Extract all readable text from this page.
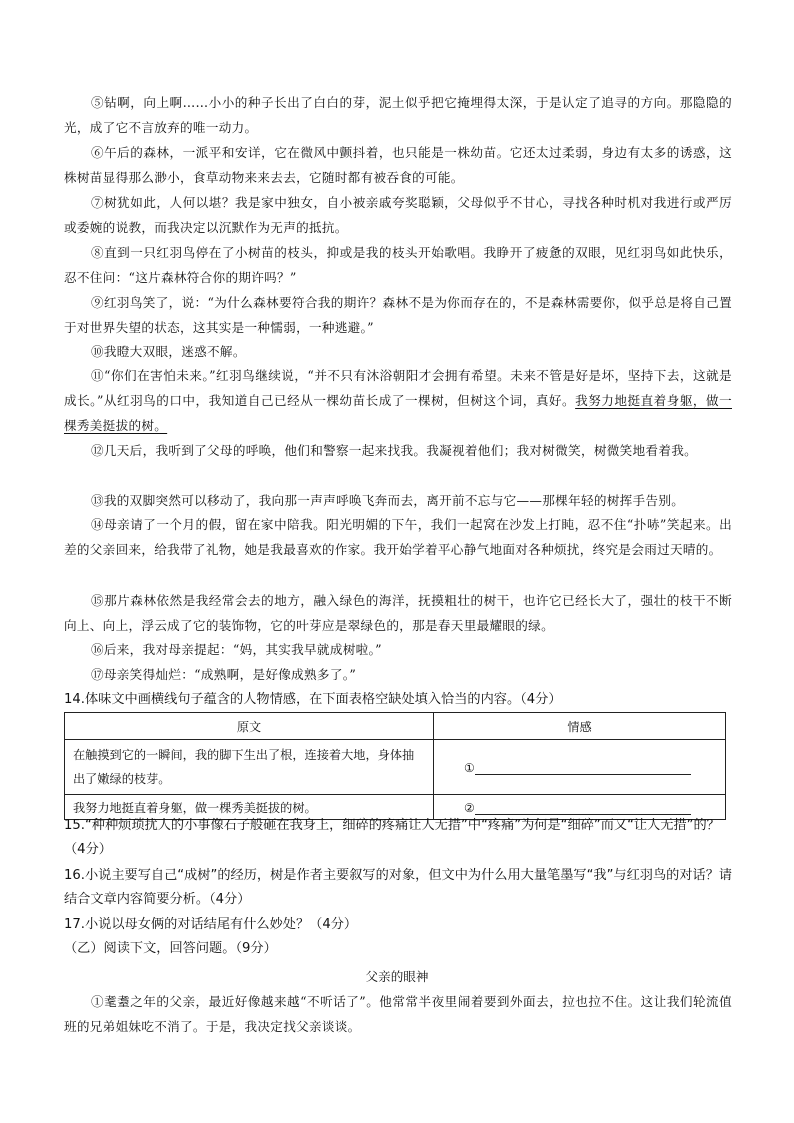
⑤钻啊，向上啊……小小的种子长出了白白的芽，泥土似乎把它掩埋得太深，于是认定了追寻的方向。那隐隐的光，成了它不言放弃的唯一动力。

⑥午后的森林，一派平和安详，它在微风中颤抖着，也只能是一株幼苗。它还太过柔弱，身边有太多的诱惑，这株树苗显得那么渺小，食草动物来来去去，它随时都有被吞食的可能。

⑦树犹如此，人何以堪？我是家中独女，自小被亲戚夸奖聪颖，父母似乎不甘心，寻找各种时机对我进行或严厉或委婉的说教，而我决定以沉默作为无声的抵抗。

⑧直到一只红羽鸟停在了小树苗的枝头，抑或是我的枝头开始歌唱。我睁开了疲惫的双眼，见红羽鸟如此快乐，忍不住问：“这片森林符合你的期许吗？”

⑨红羽鸟笑了，说：“为什么森林要符合我的期许？森林不是为你而存在的，不是森林需要你，似乎总是将自己置于对世界失望的状态，这其实是一种懦弱，一种逃避。”

⑩我瞪大双眼，迷惑不解。

⑪“你们在害怕未来。”红羽鸟继续说，“并不只有沐浴朝阳才会拥有希望。未来不管是好是坏，坚持下去，这就是成长。”从红羽鸟的口中，我知道自己已经从一棵幼苗长成了一棵树，但树这个词，真好。我努力地挺直着身躯，做一棵秀美挺拔的树。

⑫几天后，我听到了父母的呼唤，他们和警察一起来找我。我凝视着他们；我对树微笑，树微笑地看着我。

⑬我的双脚突然可以移动了，我向那一声声呼唤飞奔而去，离开前不忘与它——那棵年轻的树挥手告别。

⑭母亲请了一个月的假，留在家中陪我。阳光明媚的下午，我们一起窝在沙发上打盹，忍不住“扑哧”笑起来。出差的父亲回来，给我带了礼物，她是我最喜欢的作家。我开始学着平心静气地面对各种烦扰，终究是会雨过天晴的。

⑮那片森林依然是我经常会去的地方，融入绿色的海洋，抚摸粗壮的树干，也许它已经长大了，强壮的枝干不断向上、向上，浮云成了它的装饰物，它的叶芽应是翠绿色的，那是春天里最耀眼的绿。

⑯后来，我对母亲提起：“妈，其实我早就成树啦。”

⑰母亲笑得灿烂：“成熟啊，是好像成熟多了。”

14.体味文中画横线句子蕴含的人物情感，在下面表格空缺处填入恰当的内容。（4分）

原文	情感
在触摸到它的一瞬间，我的脚下生出了根，连接着大地，身体抽出了嫩绿的枝芽。	①
我努力地挺直着身躯，做一棵秀美挺拔的树。	②

15.“种种烦琐扰人的小事像石子般砸在我身上，细碎的疼痛让人无措”中“疼痛”为何是“细碎”而又“让人无措”的？（4分）

16.小说主要写自己“成树”的经历，树是作者主要叙写的对象，但文中为什么用大量笔墨写“我”与红羽鸟的对话？请结合文章内容简要分析。（4分）

17.小说以母女俩的对话结尾有什么妙处？（4分）

（乙）阅读下文，回答问题。（9分）

父亲的眼神

①耄耋之年的父亲，最近好像越来越“不听话了”。他常常半夜里闹着要到外面去，拉也拉不住。这让我们轮流值班的兄弟姐妹吃不消了。于是，我决定找父亲谈谈。
